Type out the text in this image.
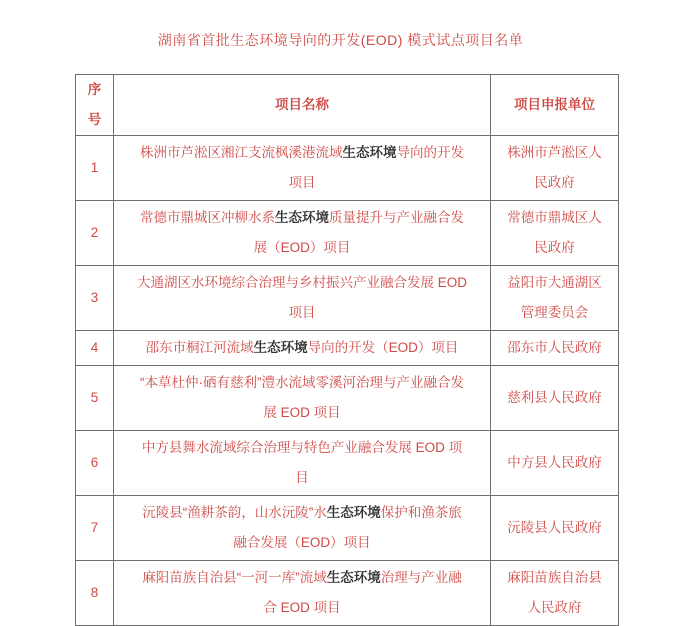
湖南省首批生态环境导向的开发(EOD) 模式试点项目名单
序号	项目名称	项目申报单位
1	株洲市芦淞区湘江支流枫溪港流域生态环境导向的开发项目	株洲市芦淞区人民政府
2	常德市鼎城区冲柳水系生态环境质量提升与产业融合发展（EOD）项目	常德市鼎城区人民政府
3	大通湖区水环境综合治理与乡村振兴产业融合发展 EOD 项目	益阳市大通湖区管理委员会
4	邵东市桐江河流域生态环境导向的开发（EOD）项目	邵东市人民政府
5	“本草杜仲·硒有慈利”澧水流域零溪河治理与产业融合发展 EOD 项目	慈利县人民政府
6	中方县舞水流域综合治理与特色产业融合发展 EOD 项目	中方县人民政府
7	沅陵县“渔耕茶韵，山水沅陵”水生态环境保护和渔茶旅融合发展（EOD）项目	沅陵县人民政府
8	麻阳苗族自治县“一河一库”流域生态环境治理与产业融合 EOD 项目	麻阳苗族自治县人民政府
